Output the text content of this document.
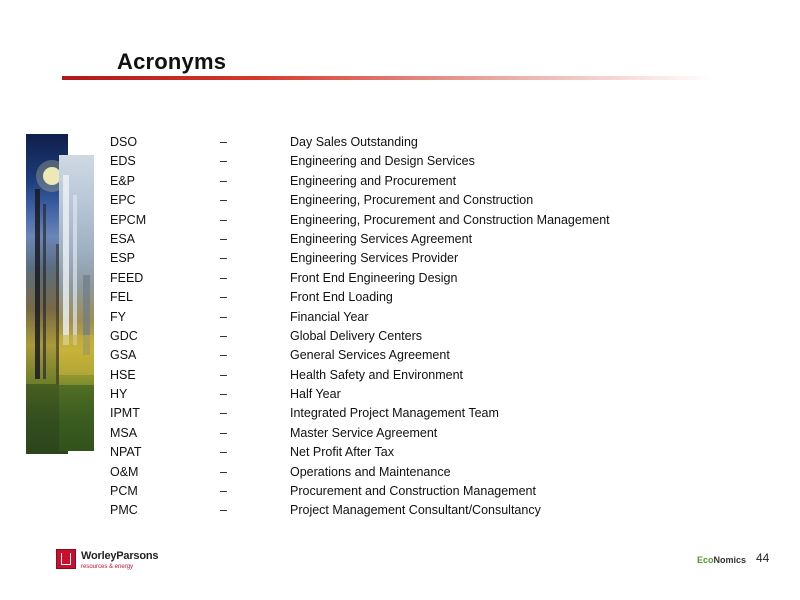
Acronyms
DSO	–	Day Sales Outstanding
EDS	–	Engineering and Design Services
E&P	–	Engineering and Procurement
EPC	–	Engineering, Procurement and Construction
EPCM	–	Engineering, Procurement and Construction Management
ESA	–	Engineering Services Agreement
ESP	–	Engineering Services Provider
FEED	–	Front End Engineering Design
FEL	–	Front End Loading
FY	–	Financial Year
GDC	–	Global Delivery Centers
GSA	–	General Services Agreement
HSE	–	Health Safety and Environment
HY	–	Half Year
IPMT	–	Integrated Project Management Team
MSA	–	Master Service Agreement
NPAT	–	Net Profit After Tax
O&M	–	Operations and Maintenance
PCM	–	Procurement and Construction Management
PMC	–	Project Management Consultant/Consultancy
WorleyParsons
resources & energy
EcoNomics 44
